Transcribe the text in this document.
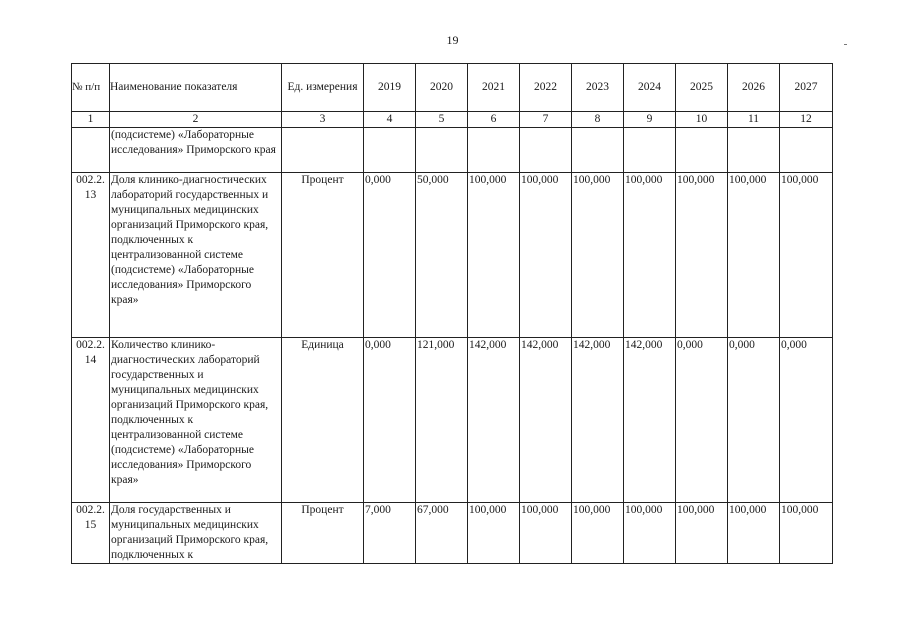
19
№ п/п	Наименование показателя	Ед. измерения	2019	2020	2021	2022	2023	2024	2025	2026	2027
1	2	3	4	5	6	7	8	9	10	11	12
	(подсистеме) «Лабораторные исследования» Приморского края										
002.2. 13	Доля клинико-диагностических лабораторий государственных и муниципальных медицинских организаций Приморского края, подключенных к централизованной системе (подсистеме) «Лабораторные исследования» Приморского края»	Процент	0,000	50,000	100,000	100,000	100,000	100,000	100,000	100,000	100,000
002.2. 14	Количество клинико-диагностических лабораторий государственных и муниципальных медицинских организаций Приморского края, подключенных к централизованной системе (подсистеме) «Лабораторные исследования» Приморского края»	Единица	0,000	121,000	142,000	142,000	142,000	142,000	0,000	0,000	0,000
002.2. 15	Доля государственных и муниципальных медицинских организаций Приморского края, подключенных к	Процент	7,000	67,000	100,000	100,000	100,000	100,000	100,000	100,000	100,000
